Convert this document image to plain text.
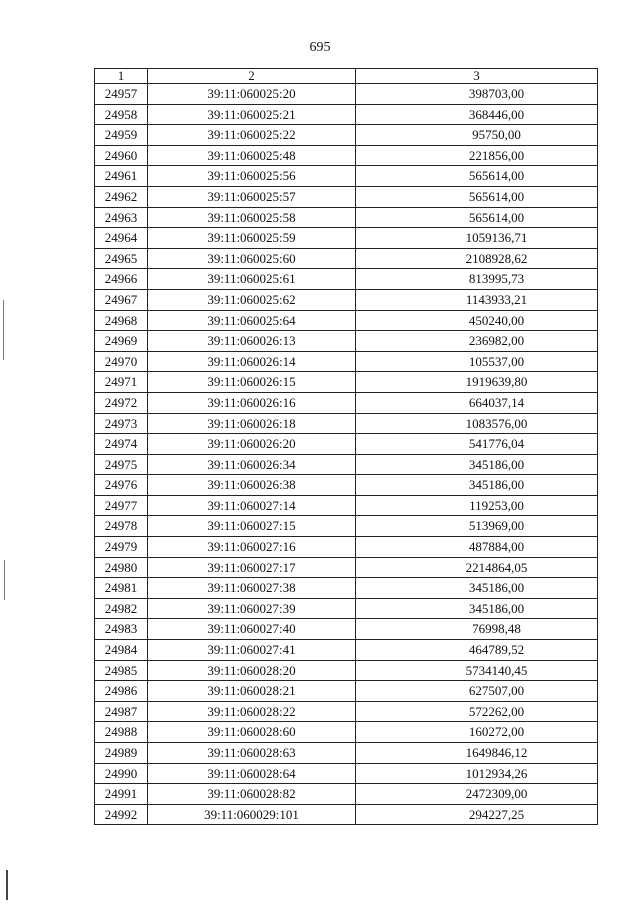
695
1	2	3
24957	39:11:060025:20	398703,00
24958	39:11:060025:21	368446,00
24959	39:11:060025:22	95750,00
24960	39:11:060025:48	221856,00
24961	39:11:060025:56	565614,00
24962	39:11:060025:57	565614,00
24963	39:11:060025:58	565614,00
24964	39:11:060025:59	1059136,71
24965	39:11:060025:60	2108928,62
24966	39:11:060025:61	813995,73
24967	39:11:060025:62	1143933,21
24968	39:11:060025:64	450240,00
24969	39:11:060026:13	236982,00
24970	39:11:060026:14	105537,00
24971	39:11:060026:15	1919639,80
24972	39:11:060026:16	664037,14
24973	39:11:060026:18	1083576,00
24974	39:11:060026:20	541776,04
24975	39:11:060026:34	345186,00
24976	39:11:060026:38	345186,00
24977	39:11:060027:14	119253,00
24978	39:11:060027:15	513969,00
24979	39:11:060027:16	487884,00
24980	39:11:060027:17	2214864,05
24981	39:11:060027:38	345186,00
24982	39:11:060027:39	345186,00
24983	39:11:060027:40	76998,48
24984	39:11:060027:41	464789,52
24985	39:11:060028:20	5734140,45
24986	39:11:060028:21	627507,00
24987	39:11:060028:22	572262,00
24988	39:11:060028:60	160272,00
24989	39:11:060028:63	1649846,12
24990	39:11:060028:64	1012934,26
24991	39:11:060028:82	2472309,00
24992	39:11:060029:101	294227,25
